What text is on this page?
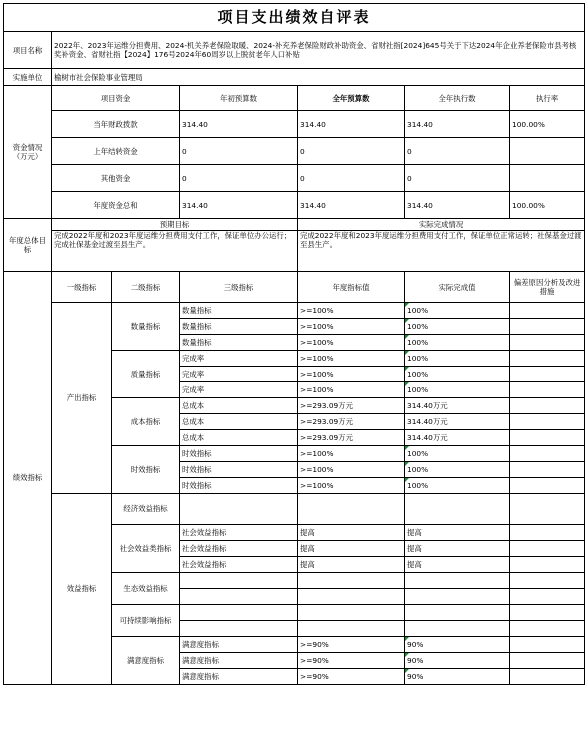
项目支出绩效自评表						
项目名称	2022年、2023年运维分担费用、2024-机关养老保险取暖、2024-补充养老保险财政补助资金、省财社指[2024]645号关于下达2024年企业养老保险市县考核奖补资金、省财社指【2024】176号2024年60周岁以上脱贫老年人口补贴					
实施单位	榆树市社会保险事业管理局					
资金情况（万元）	项目资金		年初预算数	全年预算数	全年执行数	执行率
	当年财政拨款		314.40	314.40	314.40	100.00%
	上年结转资金		0	0	0	
	其他资金		0	0	0	
	年度资金总和		314.40	314.40	314.40	100.00%
年度总体目标	预期目标			实际完成情况		
	完成2022年度和2023年度运维分担费用支付工作，保证单位办公运行；完成社保基金过渡至县生产。			完成2022年度和2023年度运维分担费用支付工作，保证单位正常运转；社保基金过渡至县生产。		
绩效指标	一级指标	二级指标	三级指标	年度指标值	实际完成值	偏差原因分析及改进措施
	产出指标	数量指标	数量指标	>=100%	100%	
			数量指标	>=100%	100%	
			数量指标	>=100%	100%	
		质量指标	完成率	>=100%	100%	
			完成率	>=100%	100%	
			完成率	>=100%	100%	
		成本指标	总成本	>=293.09万元	314.40万元	
			总成本	>=293.09万元	314.40万元	
			总成本	>=293.09万元	314.40万元	
		时效指标	时效指标	>=100%	100%	
			时效指标	>=100%	100%	
			时效指标	>=100%	100%	
	效益指标	经济效益指标				
		社会效益类指标	社会效益指标	提高	提高	
			社会效益指标	提高	提高	
			社会效益指标	提高	提高	
		生态效益指标				

		可持续影响指标				

		满意度指标	满意度指标	>=90%	90%	
			满意度指标	>=90%	90%	
			满意度指标	>=90%	90%	
